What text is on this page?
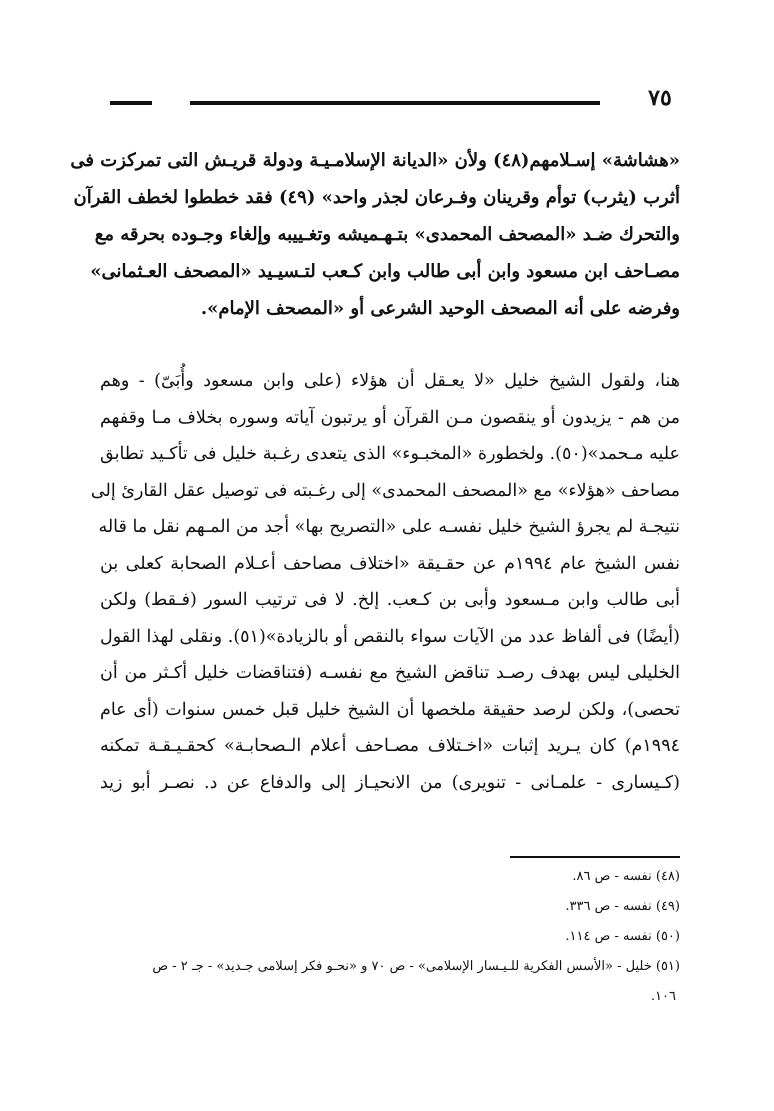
٧٥
«هشاشة» إسـلامهم(٤٨) ولأن «الديانة الإسلامـيـة ودولة قريـش التى تمركزت فى
أثرب (يثرب) توأم وقرينان وفـرعان لجذر واحد» (٤٩) فقد خططوا لخطف القرآن
والتحرك ضـد «المصحف المحمدى» بتـهـميشه وتغـييبه وإلغاء وجـوده بحرقه مع
مصـاحف ابن مسعود وابن أبى طالب وابن كـعب لتـسيـيد «المصحف العـثمانى»
وفرضه على أنه المصحف الوحيد الشرعى أو «المصحف الإمام».
هنا، ولقول الشيخ خليل «لا يعـقل أن هؤلاء (على وابن مسعود وأُبَىّ) - وهم
من هم - يزيدون أو ينقصون مـن القرآن أو يرتبون آياته وسوره بخلاف مـا وقفهم
عليه مـحمد»(٥٠). ولخطورة «المخبـوء» الذى يتعدى رغـبة خليل فى تأكـيد تطابق
مصاحف «هؤلاء» مع «المصحف المحمدى» إلى رغـبته فى توصيل عقل القارئ إلى
نتيجـة لم يجرؤ الشيخ خليل نفسـه على «التصريح بها» أجد من المـهم نقل ما قاله
نفس الشيخ عام ١٩٩٤م عن حقـيقة «اختلاف مصاحف أعـلام الصحابة كعلى بن
أبى طالب وابن مـسعود وأبى بن كـعب. إلخ. لا فى ترتيب السور (فـقط) ولكن
(أيضًا) فى ألفاظ عدد من الآيات سواء بالنقص أو بالزيادة»(٥١). ونقلى لهذا القول
الخليلى ليس بهدف رصـد تناقض الشيخ مع نفسـه (فتناقضات خليل أكـثر من أن
تحصى)، ولكن لرصد حقيقة ملخصها أن الشيخ خليل قبل خمس سنوات (أى عام
١٩٩٤م) كان يـريد إثبات «اخـتلاف مصـاحف أعلام الـصحابـة» كحقـيـقـة تمكنه
(كـيسارى - علمـانى - تنويرى) من الانحيـاز إلى والدفاع عن د. نصـر أبو زيد
(٤٨) نفسه - ص ٨٦.
(٤٩) نفسه - ص ٣٣٦.
(٥٠) نفسه - ص ١١٤.
(٥١) خليل - «الأسس الفكرية للـيـسار الإسلامى» - ص ٧٠ و «نحـو فكر إسلامى جـديد» - جـ ٢ - ص
١٠٦.
